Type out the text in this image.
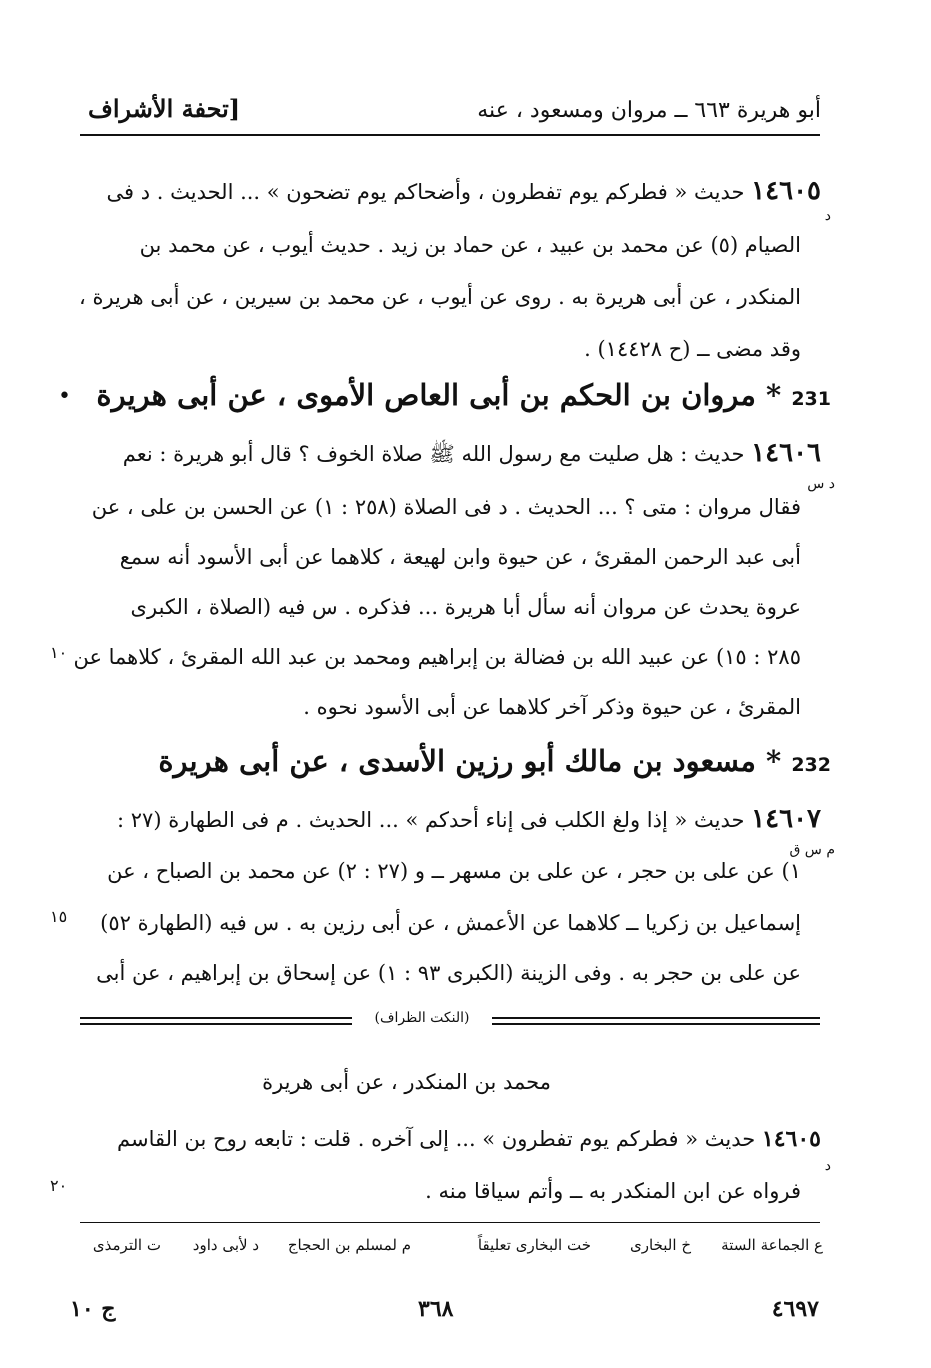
[تحفة الأشراف	أبو هريرة ٦٦٣ ــ مروان ومسعود ، عنه
١٤٦٠٥ حديث « فطركم يوم تفطرون ، وأضحاكم يوم تضحون » ... الحديث . د فى
د
الصيام (٥) عن محمد بن عبيد ، عن حماد بن زيد . حديث أيوب ، عن محمد بن
المنكدر ، عن أبى هريرة به . روى عن أيوب ، عن محمد بن سيرين ، عن أبى هريرة ،
وقد مضى ــ (ح ١٤٤٢٨) .
231 * مروان بن الحكم بن أبى العاص الأموى ، عن أبى هريرة
•
١٤٦٠٦ حديث : هل صليت مع رسول الله ﷺ صلاة الخوف ؟ قال أبو هريرة : نعم
د س
فقال مروان : متى ؟ ... الحديث . د فى الصلاة (٢٥٨ : ١) عن الحسن بن على ، عن
أبى عبد الرحمن المقرئ ، عن حيوة وابن لهيعة ، كلاهما عن أبى الأسود أنه سمع
عروة يحدث عن مروان أنه سأل أبا هريرة ... فذكره . س فيه (الصلاة ، الكبرى
٢٨٥ : ١٥) عن عبيد الله بن فضالة بن إبراهيم ومحمد بن عبد الله المقرئ ، كلاهما عن
المقرئ ، عن حيوة وذكر آخر كلاهما عن أبى الأسود نحوه .
232 * مسعود بن مالك أبو رزين الأسدى ، عن أبى هريرة
١٤٦٠٧ حديث « إذا ولغ الكلب فى إناء أحدكم » ... الحديث . م فى الطهارة (٢٧ :
م س ق
١) عن على بن حجر ، عن على بن مسهر ــ و (٢٧ : ٢) عن محمد بن الصباح ، عن
إسماعيل بن زكريا ــ كلاهما عن الأعمش ، عن أبى رزين به . س فيه (الطهارة ٥٢)
عن على بن حجر به . وفى الزينة (الكبرى ٩٣ : ١) عن إسحاق بن إبراهيم ، عن أبى
(النكت الظراف)
محمد بن المنكدر ، عن أبى هريرة
١٤٦٠٥ حديث « فطركم يوم تفطرون » ... إلى آخره . قلت : تابعه روح بن القاسم
د
فرواه عن ابن المنكدر به ــ وأتم سياقا منه .
١٠
١٥
٢٠
ع الجماعة الستة
خ البخارى
خت البخارى تعليقاً
م لمسلم بن الحجاج
د لأبى داود
ت الترمذى
ج ١٠	٣٦٨	٤٦٩٧
